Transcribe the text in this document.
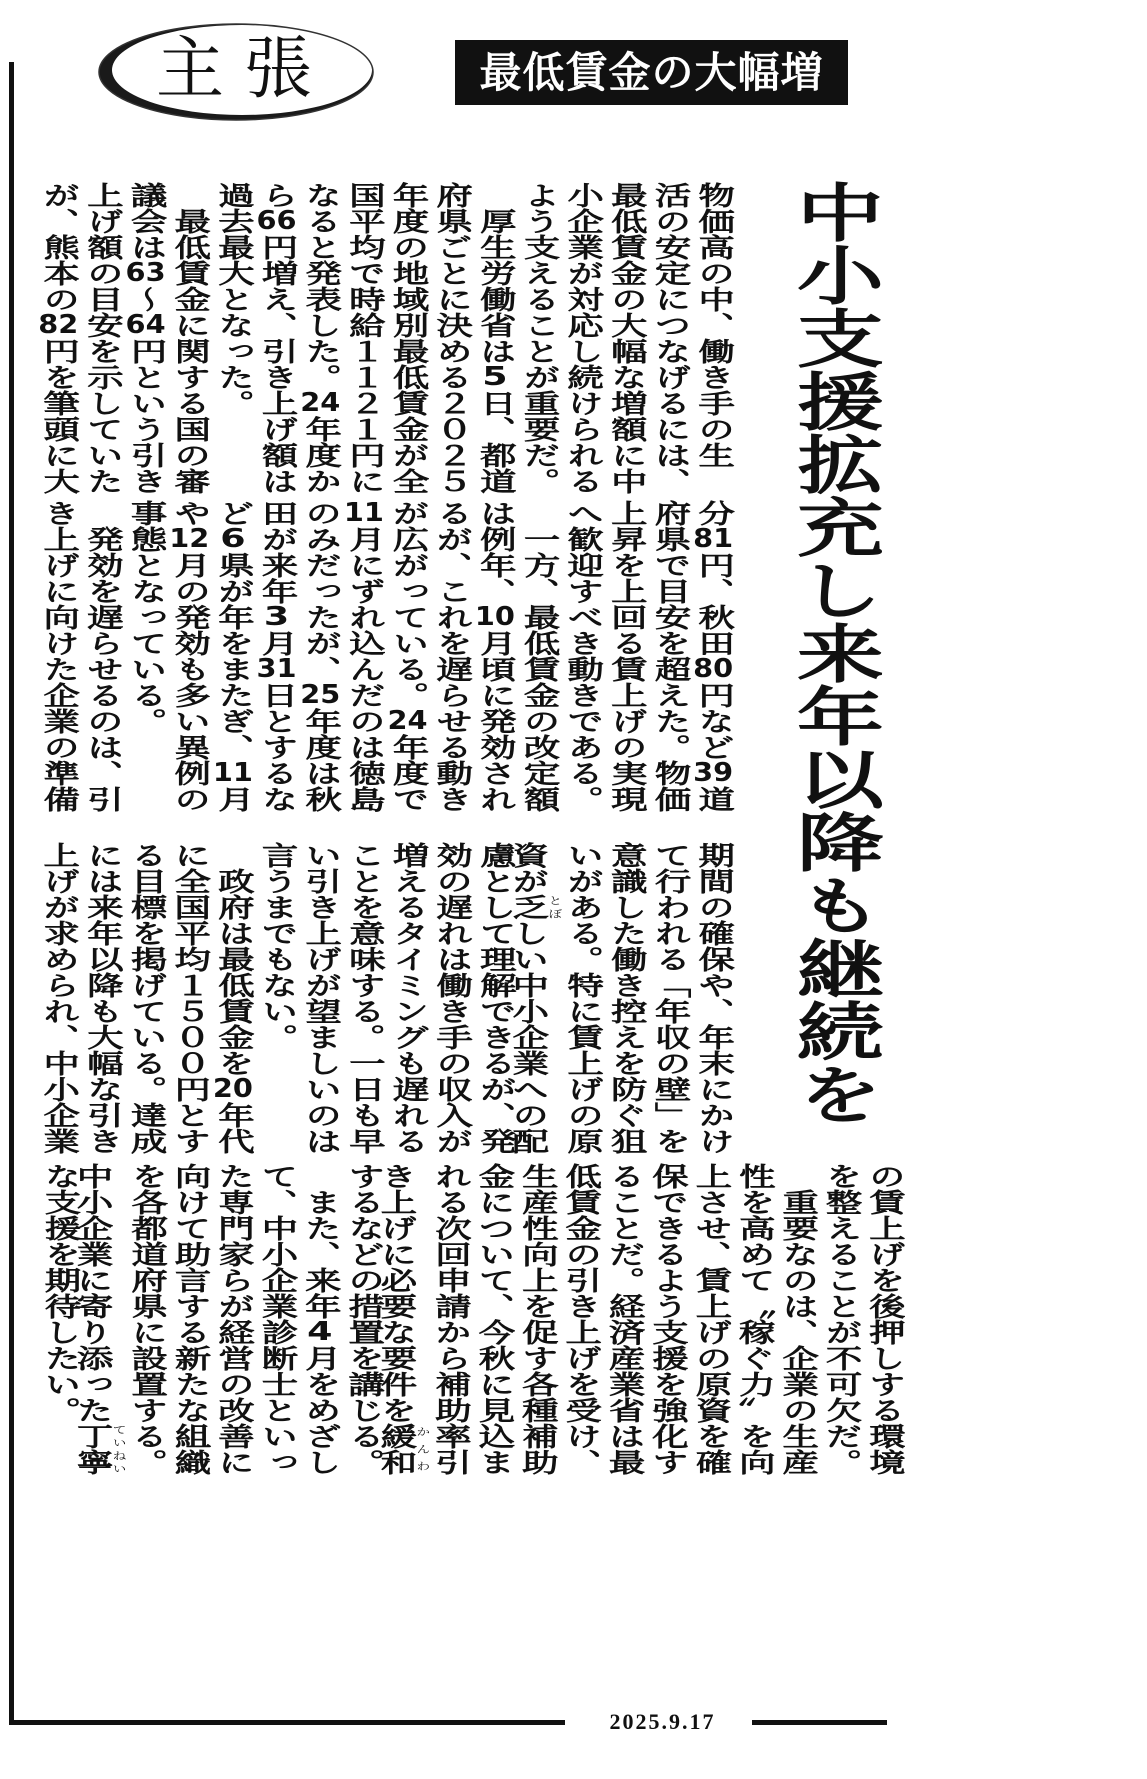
主張	最低賃金の大幅増
中小支援拡充し来年以降も継続を
物価高の中、働き手の生
活の安定につなげるには、
最低賃金の大幅な増額に中
小企業が対応し続けられる
よう支えることが重要だ。
　厚生労働省は5日、都道
府県ごとに決める２０２５
年度の地域別最低賃金が全
国平均で時給１１２１円に
なると発表した。24年度か
ら66円増え、引き上げ額は
過去最大となった。
　最低賃金に関する国の審
議会は63～64円という引き
上げ額の目安を示していた
が、熊本の82円を筆頭に大
分81円、秋田80円など39道
府県で目安を超えた。物価
上昇を上回る賃上げの実現
へ歓迎すべき動きである。
　一方、最低賃金の改定額
は例年、10月頃に発効され
るが、これを遅らせる動き
が広がっている。24年度で
11月にずれ込んだのは徳島
のみだったが、25年度は秋
田が来年3月31日とするな
ど6県が年をまたぎ、11月
や12月の発効も多い異例の
事態となっている。
　発効を遅らせるのは、引
き上げに向けた企業の準備
期間の確保や、年末にかけ
て行われる「年収の壁」を
意識した働き控えを防ぐ狙
いがある。特に賃上げの原
資が乏とぼしい中小企業への配
慮として理解できるが、発
効の遅れは働き手の収入が
増えるタイミングも遅れる
ことを意味する。一日も早
い引き上げが望ましいのは
言うまでもない。
　政府は最低賃金を20年代
に全国平均１５００円とす
る目標を掲げている。達成
には来年以降も大幅な引き
上げが求められ、中小企業
の賃上げを後押しする環境
を整えることが不可欠だ。
　重要なのは、企業の生産
性を高めて〝稼ぐ力〟を向
上させ、賃上げの原資を確
保できるよう支援を強化す
ることだ。経済産業省は最
低賃金の引き上げを受け、
生産性向上を促す各種補助
金について、今秋に見込ま
れる次回申請から補助率引
き上げに必要な要件を緩和かんわ
するなどの措置を講じる。
　また、来年4月をめざし
て、中小企業診断士といっ
た専門家らが経営の改善に
向けて助言する新たな組織
を各都道府県に設置する。
中小企業に寄り添った丁寧ていねい
な支援を期待したい。
2025.9.17
